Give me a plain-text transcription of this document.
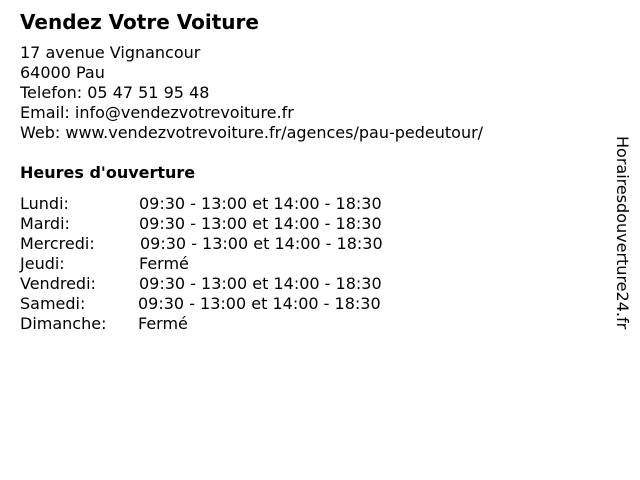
Vendez Votre Voiture
17 avenue Vignancour
64000 Pau
Telefon: 05 47 51 95 48
Email: info@vendezvotrevoiture.fr
Web: www.vendezvotrevoiture.fr/agences/pau-pedeutour/
Heures d'ouverture
Lundi:	09:30 - 13:00 et 14:00 - 18:30
Mardi:	09:30 - 13:00 et 14:00 - 18:30
Mercredi:	09:30 - 13:00 et 14:00 - 18:30
Jeudi:	Fermé
Vendredi:	09:30 - 13:00 et 14:00 - 18:30
Samedi:	09:30 - 13:00 et 14:00 - 18:30
Dimanche: Fermé	Horairesdouverture24.fr
